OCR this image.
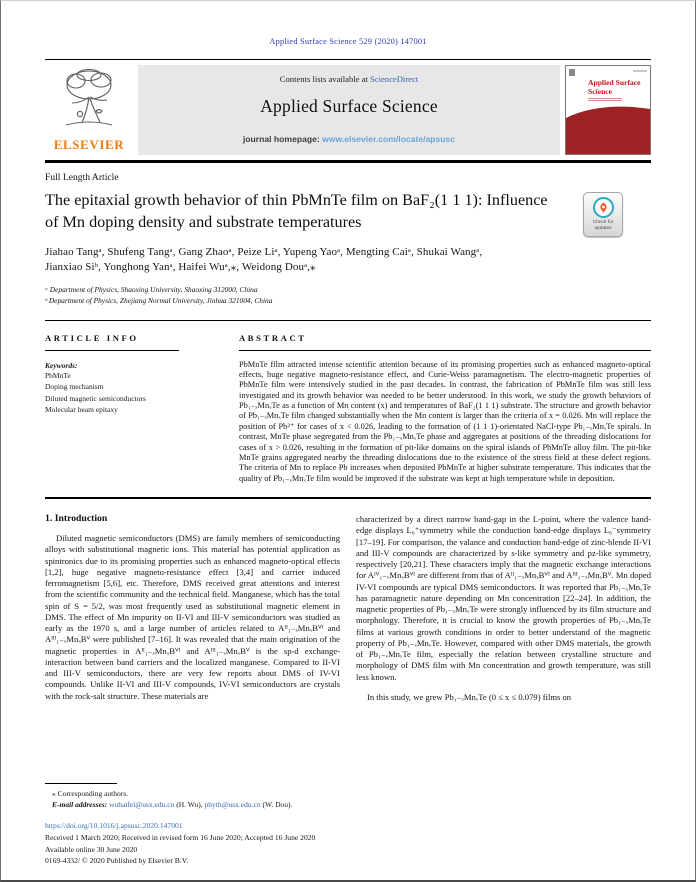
Applied Surface Science 529 (2020) 147001
ELSEVIER
Contents lists available at ScienceDirect
Applied Surface Science
journal homepage: www.elsevier.com/locate/apsusc
Applied Surface Science
Full Length Article
The epitaxial growth behavior of thin PbMnTe film on BaF₂(1 1 1): Influence of Mn doping density and substrate temperatures	Check for
updates
Jiahao Tangᵃ, Shufeng Tangᵃ, Gang Zhaoᵃ, Peize Liᵃ, Yupeng Yaoᵃ, Mengting Caiᵃ, Shukai Wangᵃ,
Jianxiao Siᵇ, Yonghong Yanᵃ, Haifei Wuᵃ,⁎, Weidong Douᵃ,⁎
ᵃ Department of Physics, Shaoxing University, Shaoxing 312000, China
ᵇ Department of Physics, Zhejiang Normal University, Jinhua 321004, China
ARTICLE INFO
Keywords:
PbMnTe
Doping mechanism
Diluted magnetic semiconductors
Molecular beam epitaxy
ABSTRACT

PbMnTe film attracted intense scientific attention because of its promising properties such as enhanced magneto-optical effects, huge negative magneto-resistance effect, and Curie-Weiss paramagnetism. The electro-magnetic properties of PbMnTe film were intensively studied in the past decades. In contrast, the fabrication of PbMnTe film was still less investigated and its growth behavior was needed to be better understood. In this work, we study the growth behaviors of Pb₁₋ₓMnₓTe as a function of Mn content (x) and temperatures of BaF₂(1 1 1) substrate. The structure and growth behavior of Pb₁₋ₓMnₓTe film changed substantially when the Mn content is larger than the criteria of x = 0.026. Mn will replace the position of Pb²⁺ for cases of x < 0.026, leading to the formation of (1 1 1)-orientated NaCl-type Pb₁₋ₓMnₓTe spirals. In contrast, MnTe phase segregated from the Pb₁₋ₓMnₓTe phase and aggregates at positions of the threading dislocations for cases of x > 0.026, resulting in the formation of pit-like domains on the spiral islands of PbMnTe alloy film. The pit-like MnTe grains aggregated nearby the threading dislocations due to the existence of the stress field at these defect regions. The criteria of Mn to replace Pb increases when deposited PbMnTe at higher substrate temperature. This indicates that the quality of Pb₁₋ₓMnₓTe film would be improved if the substrate was kept at high temperature while in deposition.

1. Introduction

Diluted magnetic semiconductors (DMS) are family members of semiconducting alloys with substitutional magnetic ions. This material has potential application as spintronics due to its promising properties such as enhanced magneto-optical effects [1,2], huge negative magneto-resistance effect [3,4] and carrier induced ferromagnetism [5,6], etc. Therefore, DMS received great attentions and interest from the scientific community and the technical field. Manganese, which has the total spin of S = 5/2, was most frequently used as substitutional magnetic element in DMS. The effect of Mn impurity on II-VI and III-V semiconductors was studied as early as the 1970 s, and a large number of articles related to Aᴵᴵ₁₋ₓMnₓBⱽᴵ and Aᴵᴵᴵ₁₋ₓMnₓBⱽ were published [7–16]. It was revealed that the main origination of the magnetic properties in Aᴵᴵ₁₋ₓMnₓBⱽᴵ and Aᴵᴵᴵ₁₋ₓMnₓBⱽ is the sp-d exchange-interaction between band carriers and the localized manganese. Compared to II-VI and III-V semiconductors, there are very few reports about DMS of IV-VI compounds. Unlike II-VI and III-V compounds, IV-VI semiconductors are crystals with the rock-salt structure. These materials are

⁎ Corresponding authors.
E-mail addresses: wuhaifei@usx.edu.cn (H. Wu), phyth@usx.edu.cn (W. Dou).

characterized by a direct narrow band-gap in the L-point, where the valence band-edge displays L₆⁺symmetry while the conduction band-edge displays L₆⁻symmetry [17–19]. For comparison, the valance and conduction band-edge of zinc-blende II-VI and III-V compounds are characterized by s-like symmetry and pz-like symmetry, respectively [20,21]. These characters imply that the magnetic exchange interactions for Aᴵⱽ₁₋ₓMnₓBⱽᴵ are different from that of Aᴵᴵ₁₋ₓMnₓBⱽᴵ and Aᴵᴵᴵ₁₋ₓMnₓBⱽ. Mn doped IV-VI compounds are typical DMS semiconductors. It was reported that Pb₁₋ₓMnₓTe has paramagnetic nature depending on Mn concentration [22–24]. In addition, the magnetic properties of Pb₁₋ₓMnₓTe were strongly influenced by its film structure and morphology. Therefore, it is crucial to know the growth properties of Pb₁₋ₓMnₓTe films at various growth conditions in order to better understand of the magnetic property of Pb₁₋ₓMnₓTe. However, compared with other DMS materials, the growth of Pb₁₋ₓMnₓTe film, especially the relation between crystalline structure and morphology of DMS film with Mn concentration and growth temperature, was still less known.

In this study, we grew Pb₁₋ₓMnₓTe (0 ≤ x ≤ 0.079) films on

https://doi.org/10.1016/j.apsusc.2020.147001
Received 1 March 2020; Received in revised form 16 June 2020; Accepted 16 June 2020
Available online 30 June 2020
0169-4332/ © 2020 Published by Elsevier B.V.
